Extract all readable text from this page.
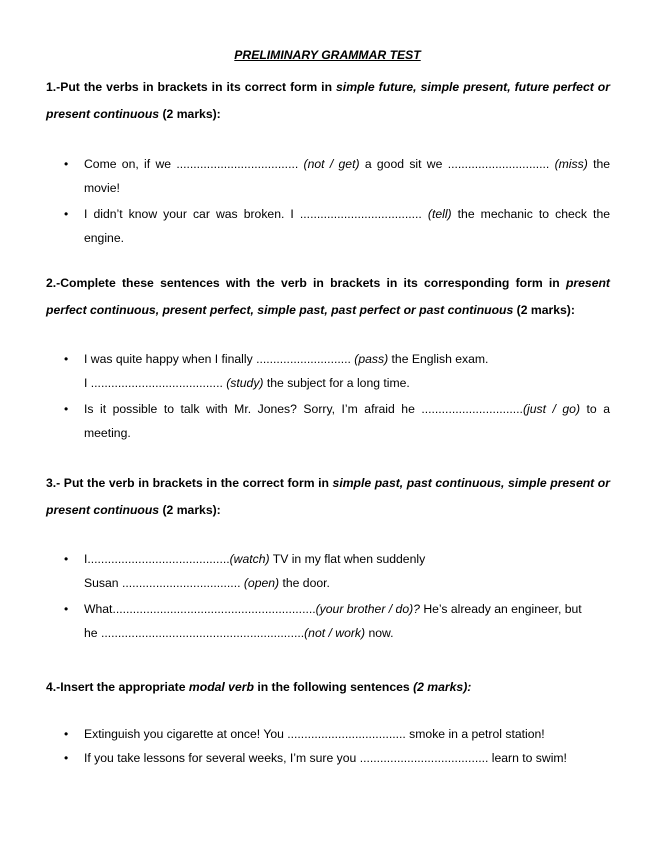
PRELIMINARY GRAMMAR TEST
1.-Put the verbs in brackets in its correct form in simple future, simple present, future perfect or present continuous (2 marks):
• Come on, if we .................................... (not / get) a good sit we .............................. (miss) the movie!
• I didn’t know your car was broken. I .................................... (tell) the mechanic to check the engine.
2.-Complete these sentences with the verb in brackets in its corresponding form in present perfect continuous, present perfect, simple past, past perfect or past continuous (2 marks):
• I was quite happy when I finally ............................ (pass) the English exam.
I ....................................... (study) the subject for a long time.
• Is it possible to talk with Mr. Jones? Sorry, I’m afraid he ..............................(just / go) to a meeting.
3.- Put the verb in brackets in the correct form in simple past, past continuous, simple present or present continuous (2 marks):
• I..........................................(watch) TV in my flat when suddenly
Susan ................................... (open) the door.
• What............................................................(your brother / do)? He’s already an engineer, but
he ............................................................(not / work) now.
4.-Insert the appropriate modal verb in the following sentences (2 marks):
• Extinguish you cigarette at once! You ................................... smoke in a petrol station!
• If you take lessons for several weeks, I’m sure you ...................................... learn to swim!
